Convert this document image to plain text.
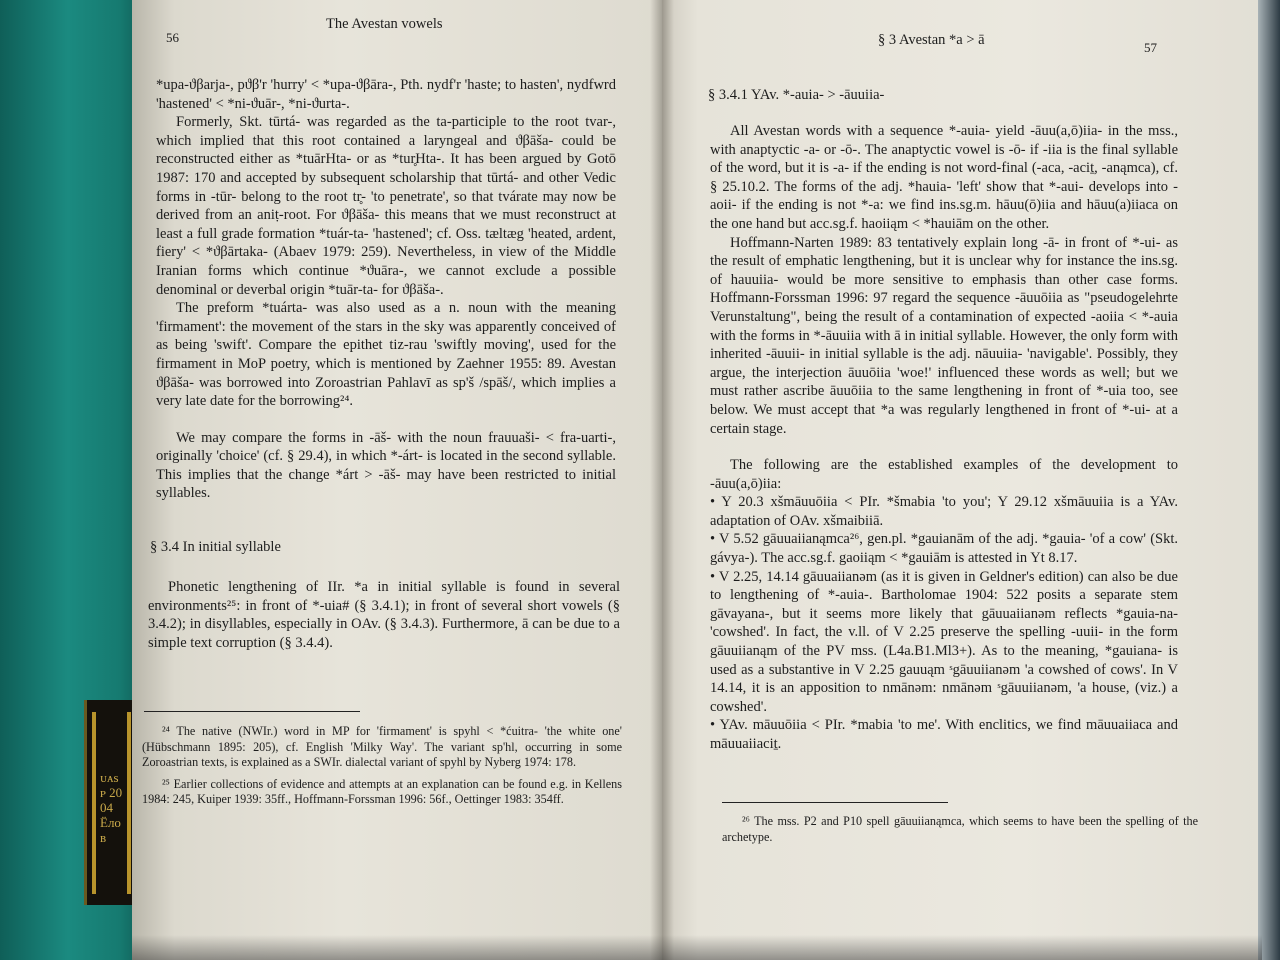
ᴜᴀsᴘ 2004 Ёлов
56
The Avestan vowels

*upa-ϑβarja-, pϑβ'r 'hurry' < *upa-ϑβāra-, Pth. nydf'r 'haste; to hasten', nydfwrd 'hastened' < *ni-ϑuār-, *ni-ϑurta-.

Formerly, Skt. tūrtá- was regarded as the ta-participle to the root tvar-, which implied that this root contained a laryngeal and ϑβāša- could be reconstructed either as *tuārHta- or as *tur̥Hta-. It has been argued by Gotō 1987: 170 and accepted by subsequent scholarship that tūrtá- and other Vedic forms in -tūr- belong to the root tr̥- 'to penetrate', so that tvárate may now be derived from an aniṭ-root. For ϑβāša- this means that we must reconstruct at least a full grade formation *tuár-ta- 'hastened'; cf. Oss. tæltæg 'heated, ardent, fiery' < *ϑβārtaka- (Abaev 1979: 259). Nevertheless, in view of the Middle Iranian forms which continue *ϑuāra-, we cannot exclude a possible denominal or deverbal origin *tuār-ta- for ϑβāša-.

The preform *tuárta- was also used as a n. noun with the meaning 'firmament': the movement of the stars in the sky was apparently conceived of as being 'swift'. Compare the epithet tiz-rau 'swiftly moving', used for the firmament in MoP poetry, which is mentioned by Zaehner 1955: 89. Avestan ϑβāša- was borrowed into Zoroastrian Pahlavī as sp'š /spāš/, which implies a very late date for the borrowing²⁴.

We may compare the forms in -āš- with the noun frauuaši- < fra-uarti-, originally 'choice' (cf. § 29.4), in which *-árt- is located in the second syllable. This implies that the change *árt > -āš- may have been restricted to initial syllables.

§ 3.4 In initial syllable

Phonetic lengthening of IIr. *a in initial syllable is found in several environments²⁵: in front of *-uia# (§ 3.4.1); in front of several short vowels (§ 3.4.2); in disyllables, especially in OAv. (§ 3.4.3). Furthermore, ā can be due to a simple text corruption (§ 3.4.4).

²⁴ The native (NWIr.) word in MP for 'firmament' is spyhl < *ćuitra- 'the white one' (Hübschmann 1895: 205), cf. English 'Milky Way'. The variant sp'hl, occurring in some Zoroastrian texts, is explained as a SWIr. dialectal variant of spyhl by Nyberg 1974: 178.

²⁵ Earlier collections of evidence and attempts at an explanation can be found e.g. in Kellens 1984: 245, Kuiper 1939: 35ff., Hoffmann-Forssman 1996: 56f., Oettinger 1983: 354ff.

§ 3 Avestan *a > ā	57
§ 3.4.1 YAv. *-auia- > -āuuiia-

All Avestan words with a sequence *-auia- yield -āuu(a,ō)iia- in the mss., with anaptyctic -a- or -ō-. The anaptyctic vowel is -ō- if -iia is the final syllable of the word, but it is -a- if the ending is not word-final (-aca, -aciṯ, -anąmca), cf. § 25.10.2. The forms of the adj. *hauia- 'left' show that *-aui- develops into -aoii- if the ending is not *-a: we find ins.sg.m. hāuu(ō)iia and hāuu(a)iiaca on the one hand but acc.sg.f. haoiiąm < *hauiām on the other.

Hoffmann-Narten 1989: 83 tentatively explain long -ā- in front of *-ui- as the result of emphatic lengthening, but it is unclear why for instance the ins.sg. of hauuiia- would be more sensitive to emphasis than other case forms. Hoffmann-Forssman 1996: 97 regard the sequence -āuuōiia as "pseudogelehrte Verunstaltung", being the result of a contamination of expected -aoiia < *-auia with the forms in *-āuuiia with ā in initial syllable. However, the only form with inherited -āuuii- in initial syllable is the adj. nāuuiia- 'navigable'. Possibly, they argue, the interjection āuuōiia 'woe!' influenced these words as well; but we must rather ascribe āuuōiia to the same lengthening in front of *-uia too, see below. We must accept that *a was regularly lengthened in front of *-ui- at a certain stage.

The following are the established examples of the development to -āuu(a,ō)iia:

• Y 20.3 xšmāuuōiia < PIr. *šmabia 'to you'; Y 29.12 xšmāuuiia is a YAv. adaptation of OAv. xšmaibiiā.

• V 5.52 gāuuaiianąmca²⁶, gen.pl. *gauianām of the adj. *gauia- 'of a cow' (Skt. gávya-). The acc.sg.f. gaoiiąm < *gauiām is attested in Yt 8.17.

• V 2.25, 14.14 gāuuaiianəm (as it is given in Geldner's edition) can also be due to lengthening of *-auia-. Bartholomae 1904: 522 posits a separate stem gāvayana-, but it seems more likely that gāuuaiianəm reflects *gauia-na- 'cowshed'. In fact, the v.ll. of V 2.25 preserve the spelling -uuii- in the form gāuuiianąm of the PV mss. (L4a.B1.Ml3+). As to the meaning, *gauiana- is used as a substantive in V 2.25 gauuąm ˢgāuuiianəm 'a cowshed of cows'. In V 14.14, it is an apposition to nmānəm: nmānəm ˢgāuuiianəm, 'a house, (viz.) a cowshed'.

• YAv. māuuōiia < PIr. *mabia 'to me'. With enclitics, we find māuuaiiaca and māuuaiiaciṯ.

²⁶ The mss. P2 and P10 spell gāuuiianąmca, which seems to have been the spelling of the archetype.
